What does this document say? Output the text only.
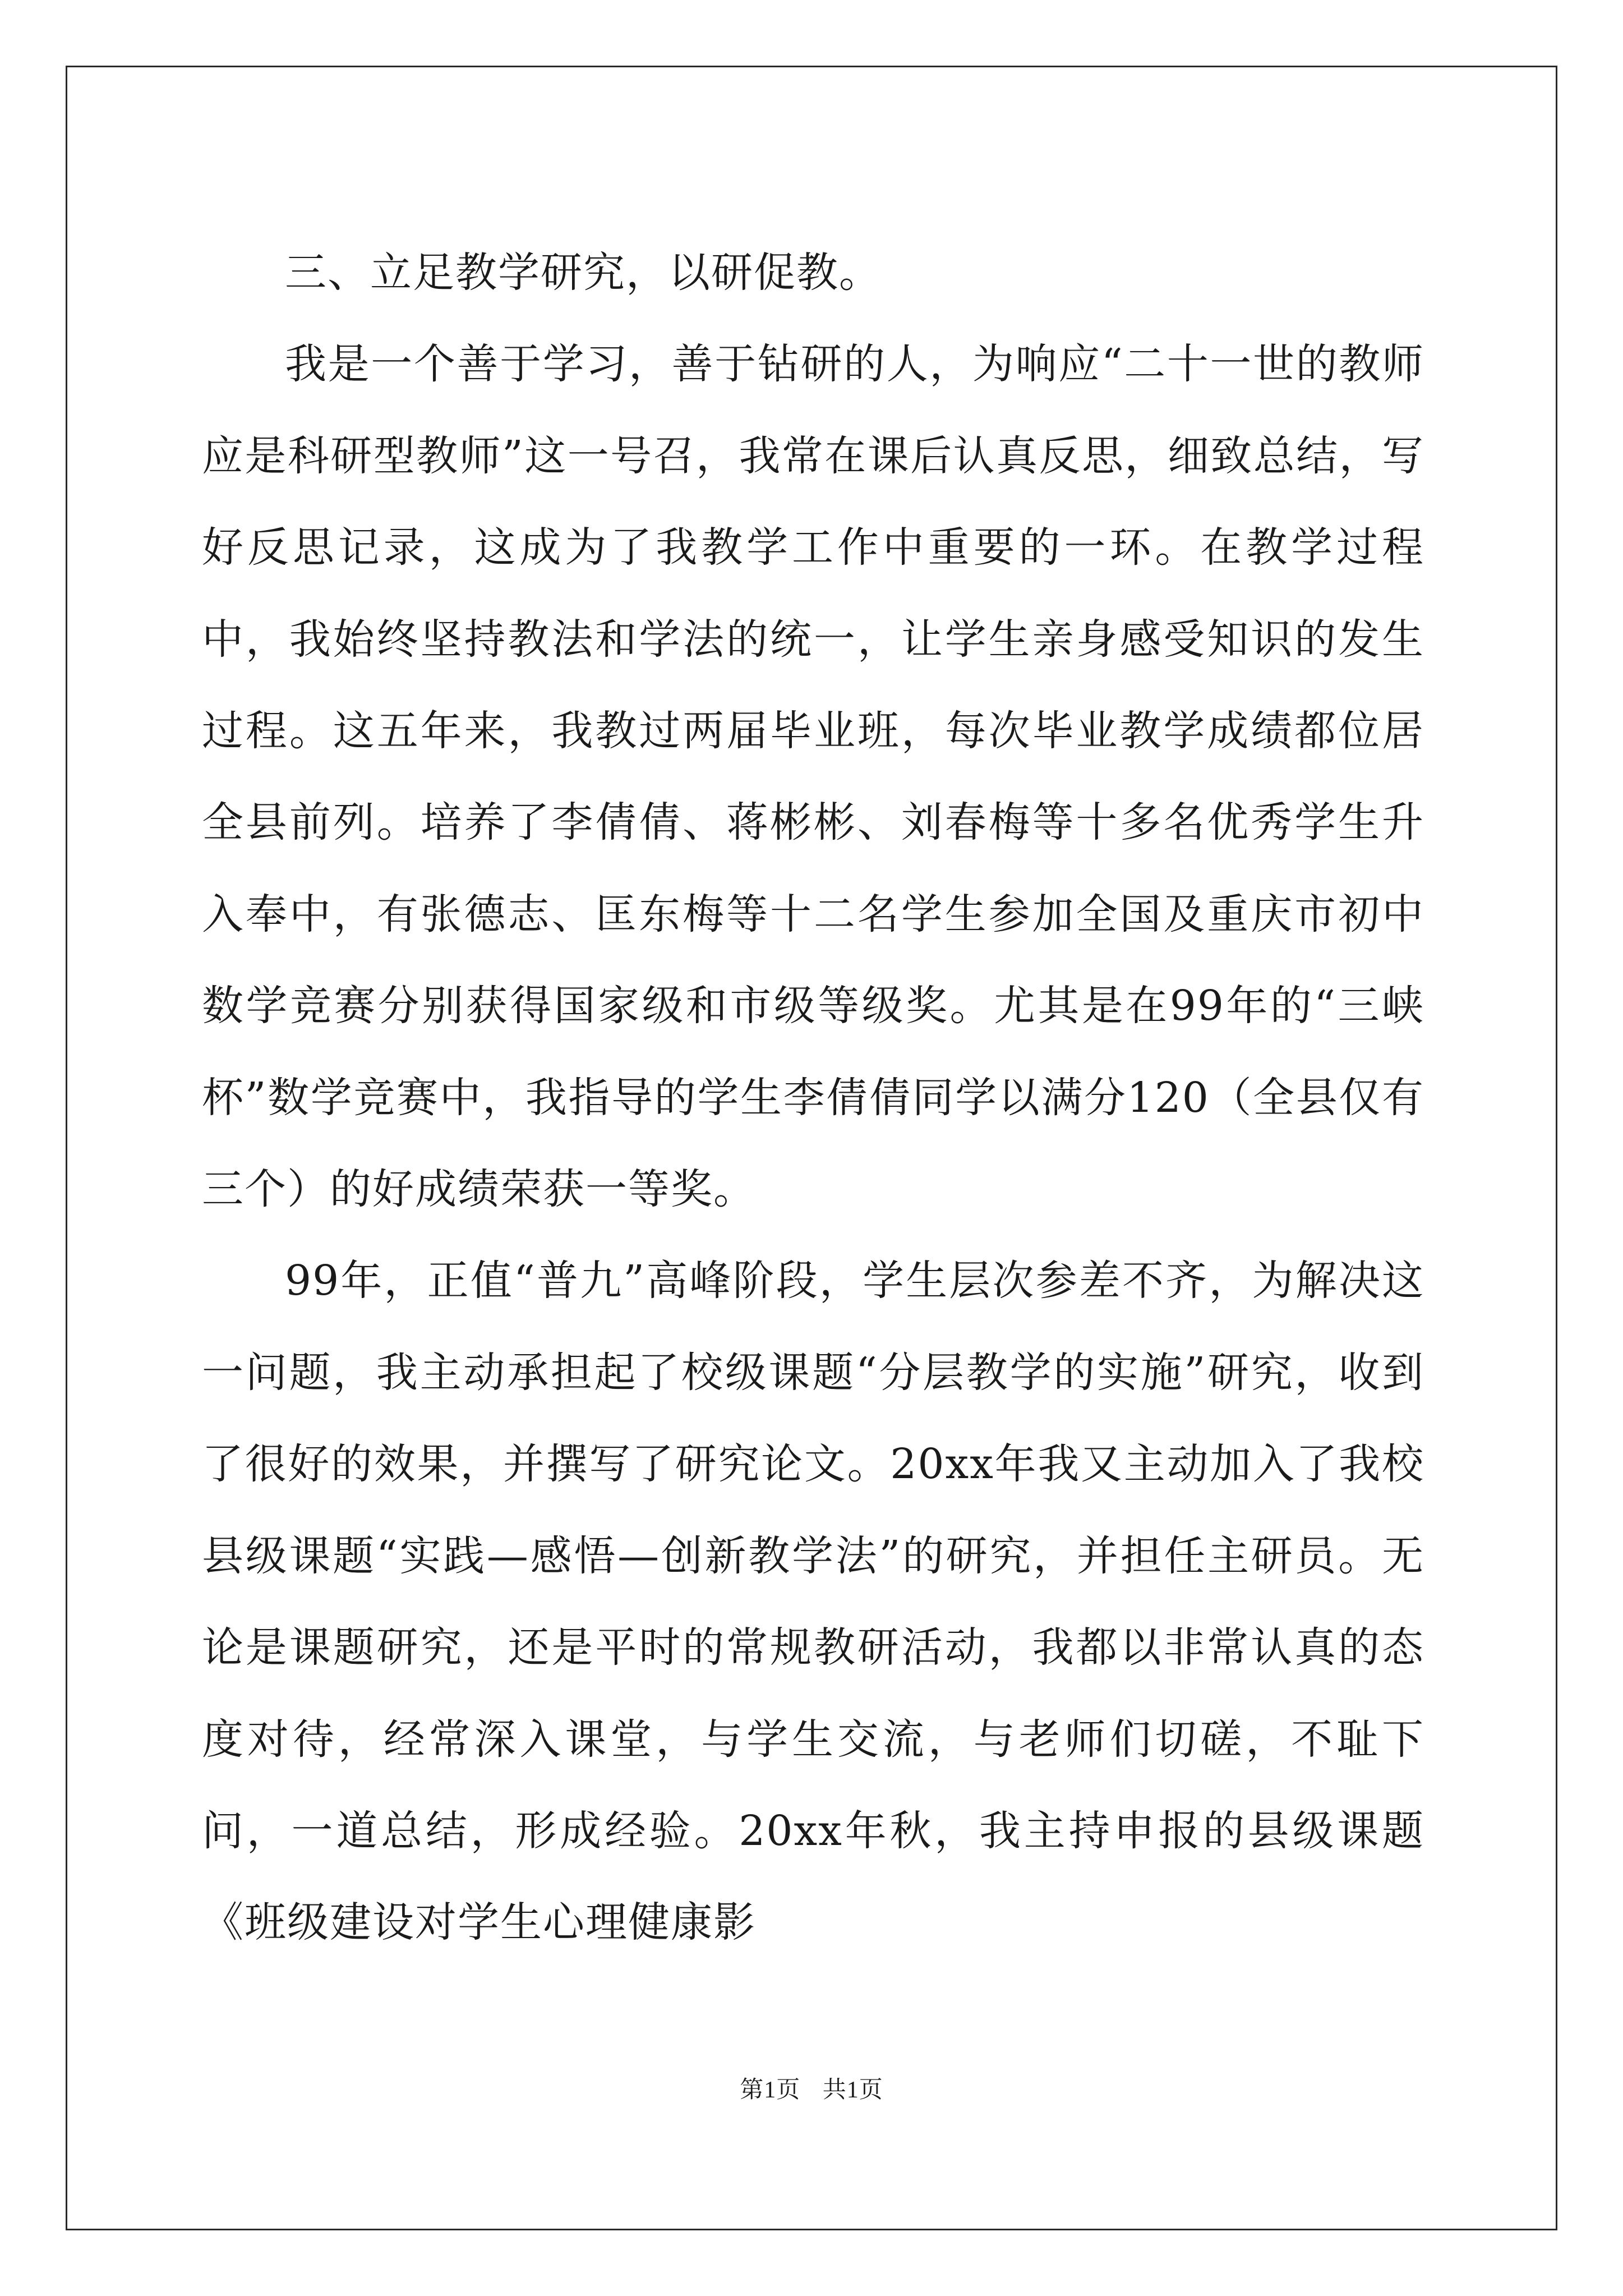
三、立足教学研究，以研促教。

我是一个善于学习，善于钻研的人，为响应“二十一世的教师应是科研型教师”这一号召，我常在课后认真反思，细致总结，写好反思记录，这成为了我教学工作中重要的一环。在教学过程中，我始终坚持教法和学法的统一，让学生亲身感受知识的发生过程。这五年来，我教过两届毕业班，每次毕业教学成绩都位居全县前列。培养了李倩倩、蒋彬彬、刘春梅等十多名优秀学生升入奉中，有张德志、匡东梅等十二名学生参加全国及重庆市初中数学竞赛分别获得国家级和市级等级奖。尤其是在99年的“三峡杯”数学竞赛中，我指导的学生李倩倩同学以满分120（全县仅有三个）的好成绩荣获一等奖。

99年，正值“普九”高峰阶段，学生层次参差不齐，为解决这一问题，我主动承担起了校级课题“分层教学的实施”研究，收到了很好的效果，并撰写了研究论文。20xx年我又主动加入了我校县级课题“实践—感悟—创新教学法”的研究，并担任主研员。无论是课题研究，还是平时的常规教研活动，我都以非常认真的态度对待，经常深入课堂，与学生交流，与老师们切磋，不耻下问，一道总结，形成经验。20xx年秋，我主持申报的县级课题《班级建设对学生心理健康影

第1页 共1页
